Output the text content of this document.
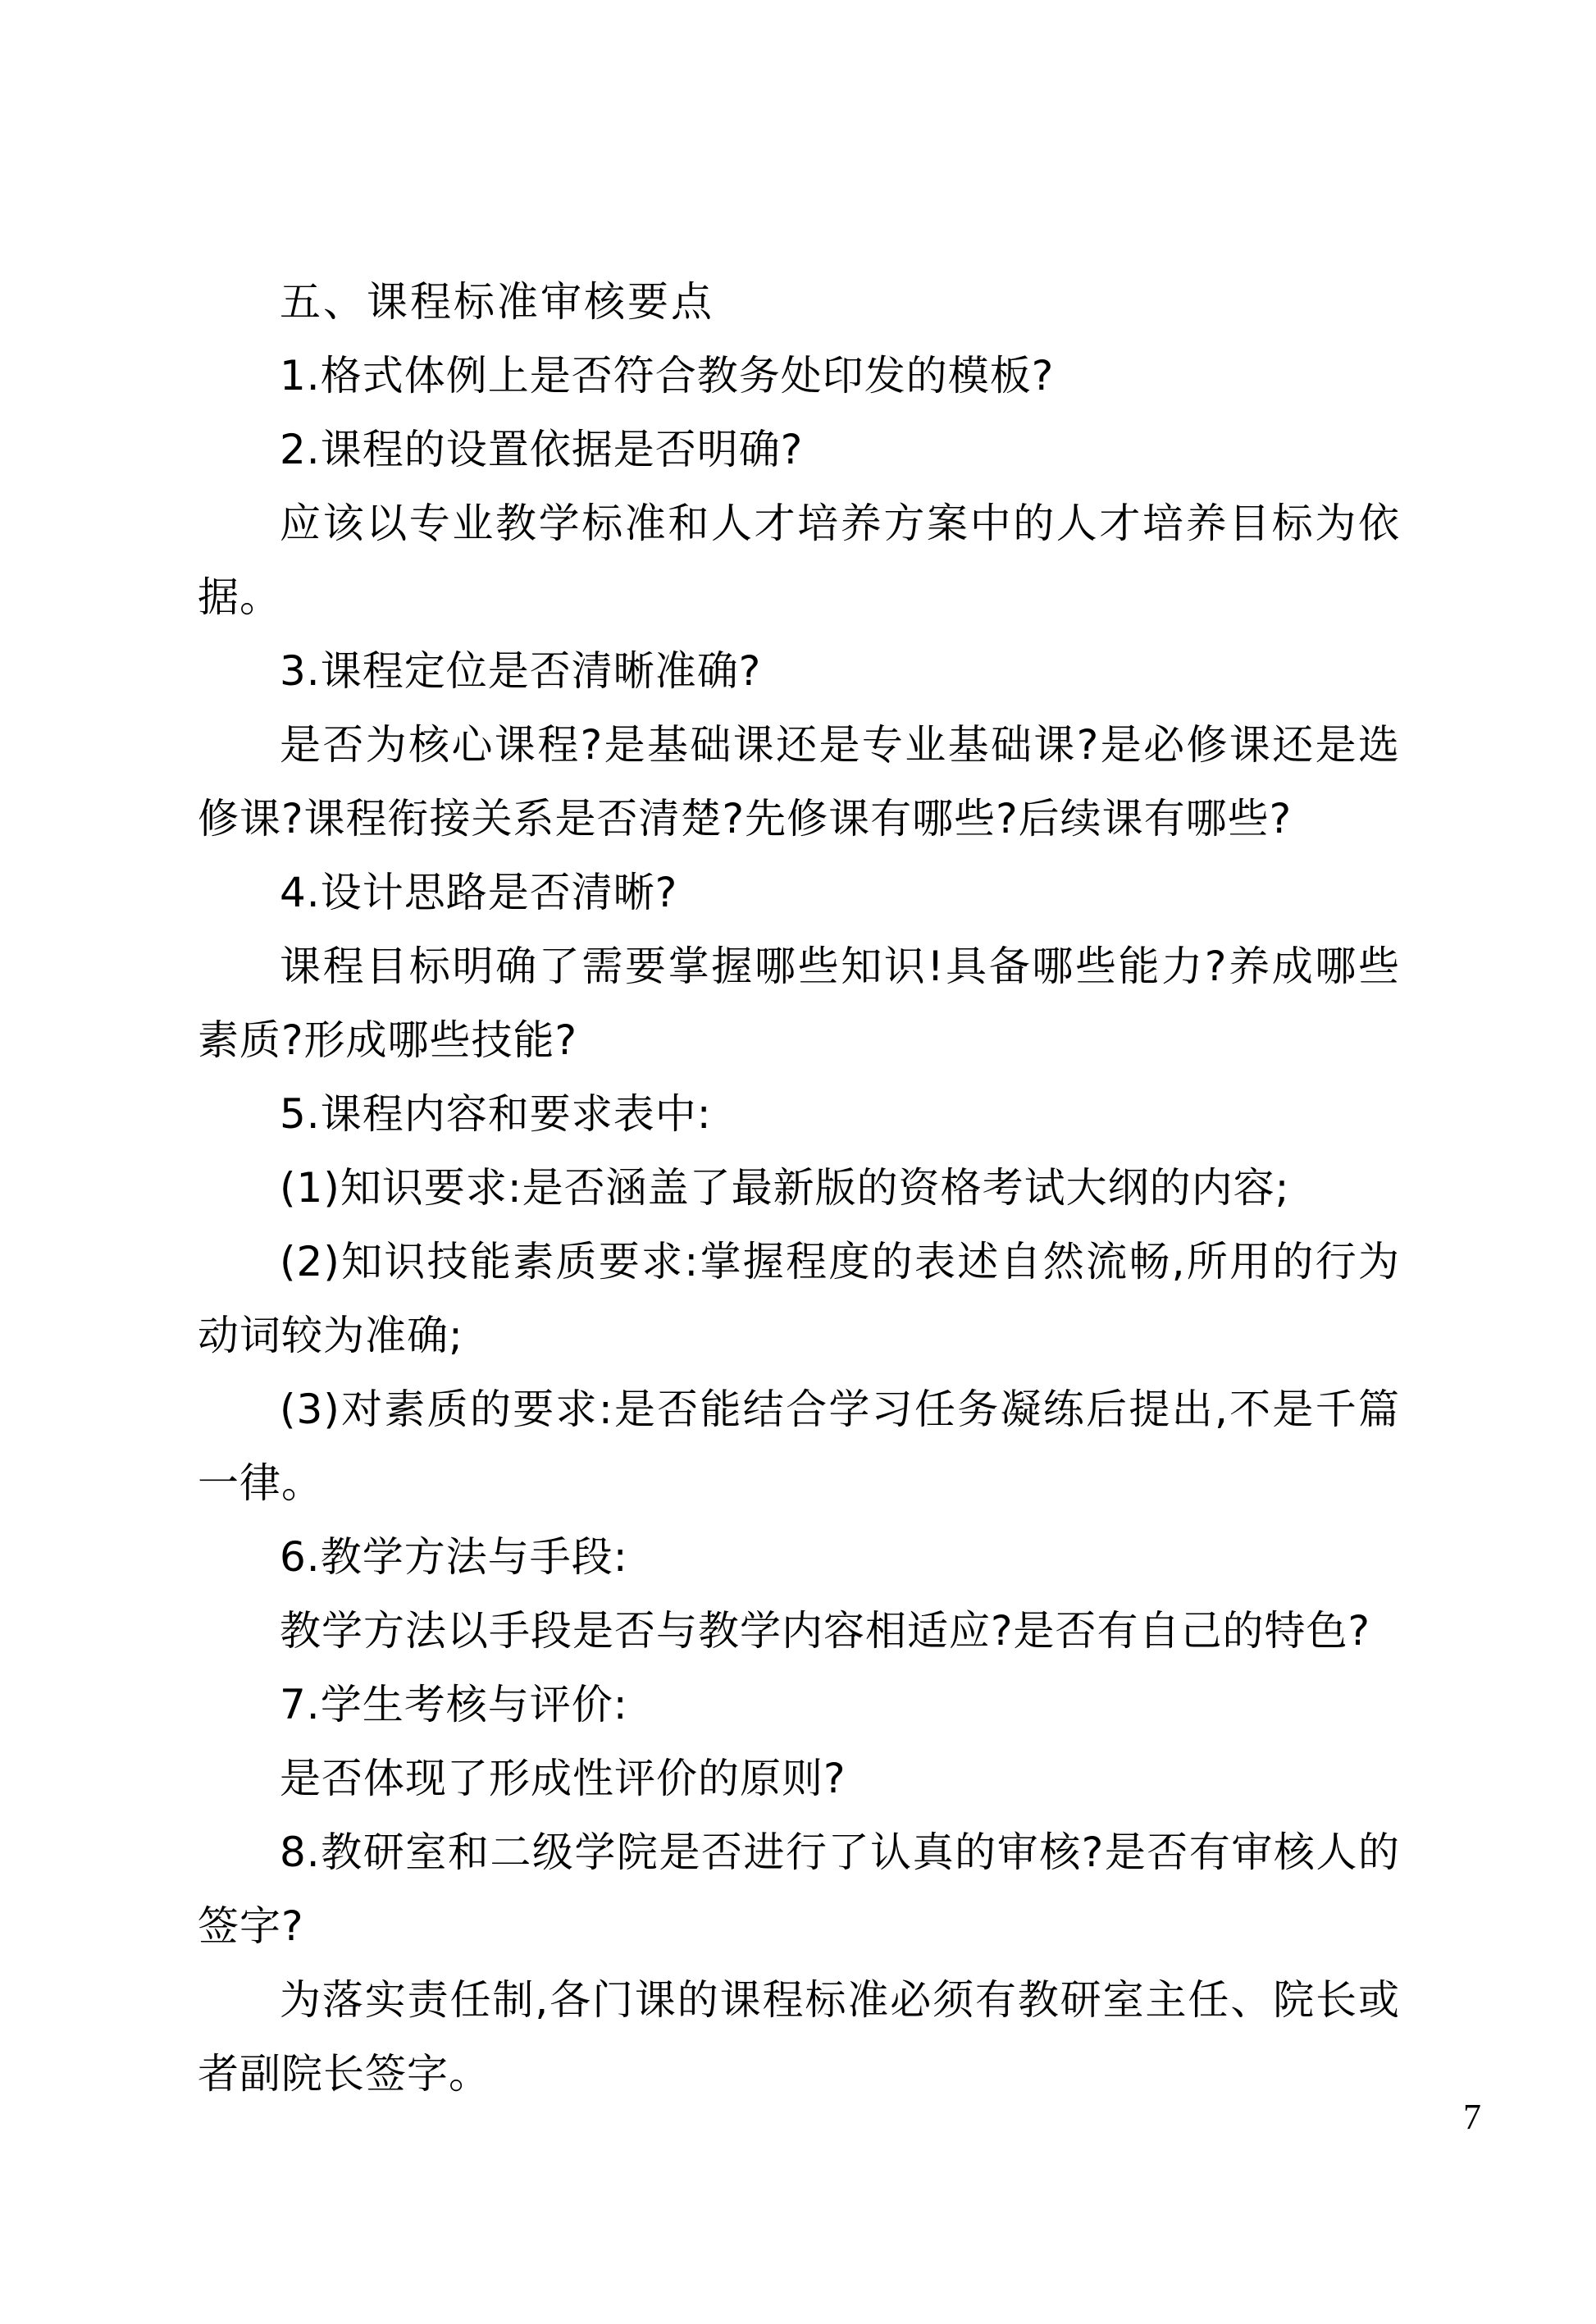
五、课程标准审核要点

1.格式体例上是否符合教务处印发的模板?

2.课程的设置依据是否明确?

应该以专业教学标准和人才培养方案中的人才培养目标为依据。

3.课程定位是否清晰准确?

是否为核心课程?是基础课还是专业基础课?是必修课还是选修课?课程衔接关系是否清楚?先修课有哪些?后续课有哪些?

4.设计思路是否清晰?

课程目标明确了需要掌握哪些知识!具备哪些能力?养成哪些素质?形成哪些技能?

5.课程内容和要求表中:

(1)知识要求:是否涵盖了最新版的资格考试大纲的内容;

(2)知识技能素质要求:掌握程度的表述自然流畅,所用的行为动词较为准确;

(3)对素质的要求:是否能结合学习任务凝练后提出,不是千篇一律。

6.教学方法与手段:

教学方法以手段是否与教学内容相适应?是否有自己的特色?

7.学生考核与评价:

是否体现了形成性评价的原则?

8.教研室和二级学院是否进行了认真的审核?是否有审核人的签字?

为落实责任制,各门课的课程标准必须有教研室主任、院长或者副院长签字。

7
